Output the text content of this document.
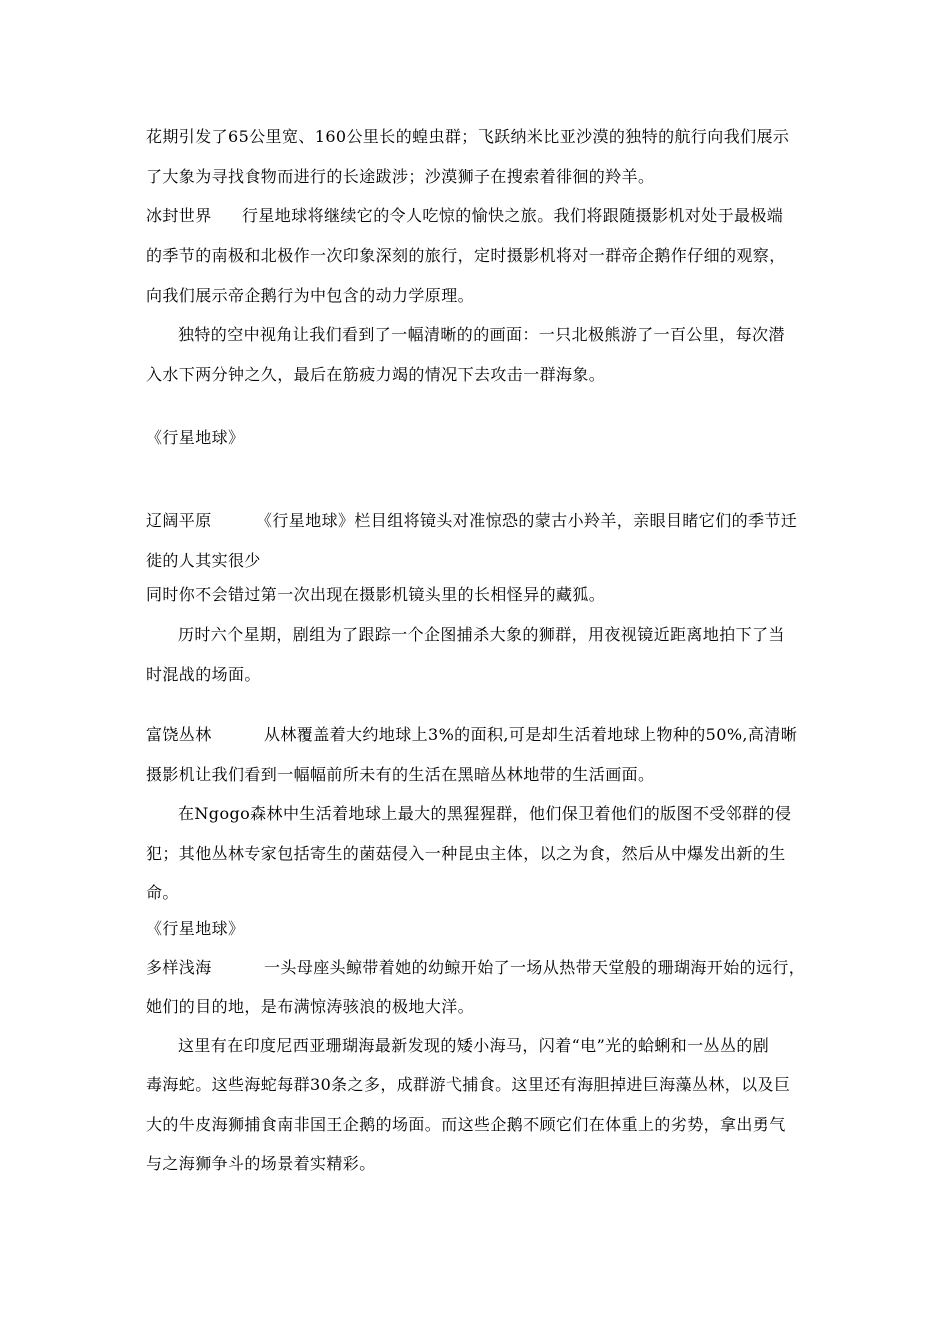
花期引发了65公里宽、160公里长的蝗虫群；飞跃纳米比亚沙漠的独特的航行向我们展示
了大象为寻找食物而进行的长途跋涉；沙漠狮子在搜索着徘徊的羚羊。
冰封世界 行星地球将继续它的令人吃惊的愉快之旅。我们将跟随摄影机对处于最极端
的季节的南极和北极作一次印象深刻的旅行，定时摄影机将对一群帝企鹅作仔细的观察，
向我们展示帝企鹅行为中包含的动力学原理。
独特的空中视角让我们看到了一幅清晰的的画面：一只北极熊游了一百公里，每次潜
入水下两分钟之久，最后在筋疲力竭的情况下去攻击一群海象。
《行星地球》
辽阔平原	《行星地球》栏目组将镜头对准惊恐的蒙古小羚羊，亲眼目睹它们的季节迁
徙的人其实很少
同时你不会错过第一次出现在摄影机镜头里的长相怪异的藏狐。
历时六个星期，剧组为了跟踪一个企图捕杀大象的狮群，用夜视镜近距离地拍下了当
时混战的场面。
富饶丛林	从林覆盖着大约地球上3%的面积,可是却生活着地球上物种的50%,高清晰
摄影机让我们看到一幅幅前所未有的生活在黑暗丛林地带的生活画面。
在Ngogo森林中生活着地球上最大的黑猩猩群，他们保卫着他们的版图不受邻群的侵
犯；其他丛林专家包括寄生的菌菇侵入一种昆虫主体，以之为食，然后从中爆发出新的生
命。
《行星地球》
多样浅海	一头母座头鲸带着她的幼鲸开始了一场从热带天堂般的珊瑚海开始的远行，
她们的目的地，是布满惊涛骇浪的极地大洋。
这里有在印度尼西亚珊瑚海最新发现的矮小海马，闪着“电”光的蛤蜊和一丛丛的剧
毒海蛇。这些海蛇每群30条之多，成群游弋捕食。这里还有海胆掉进巨海藻丛林，以及巨
大的牛皮海狮捕食南非国王企鹅的场面。而这些企鹅不顾它们在体重上的劣势，拿出勇气
与之海狮争斗的场景着实精彩。
